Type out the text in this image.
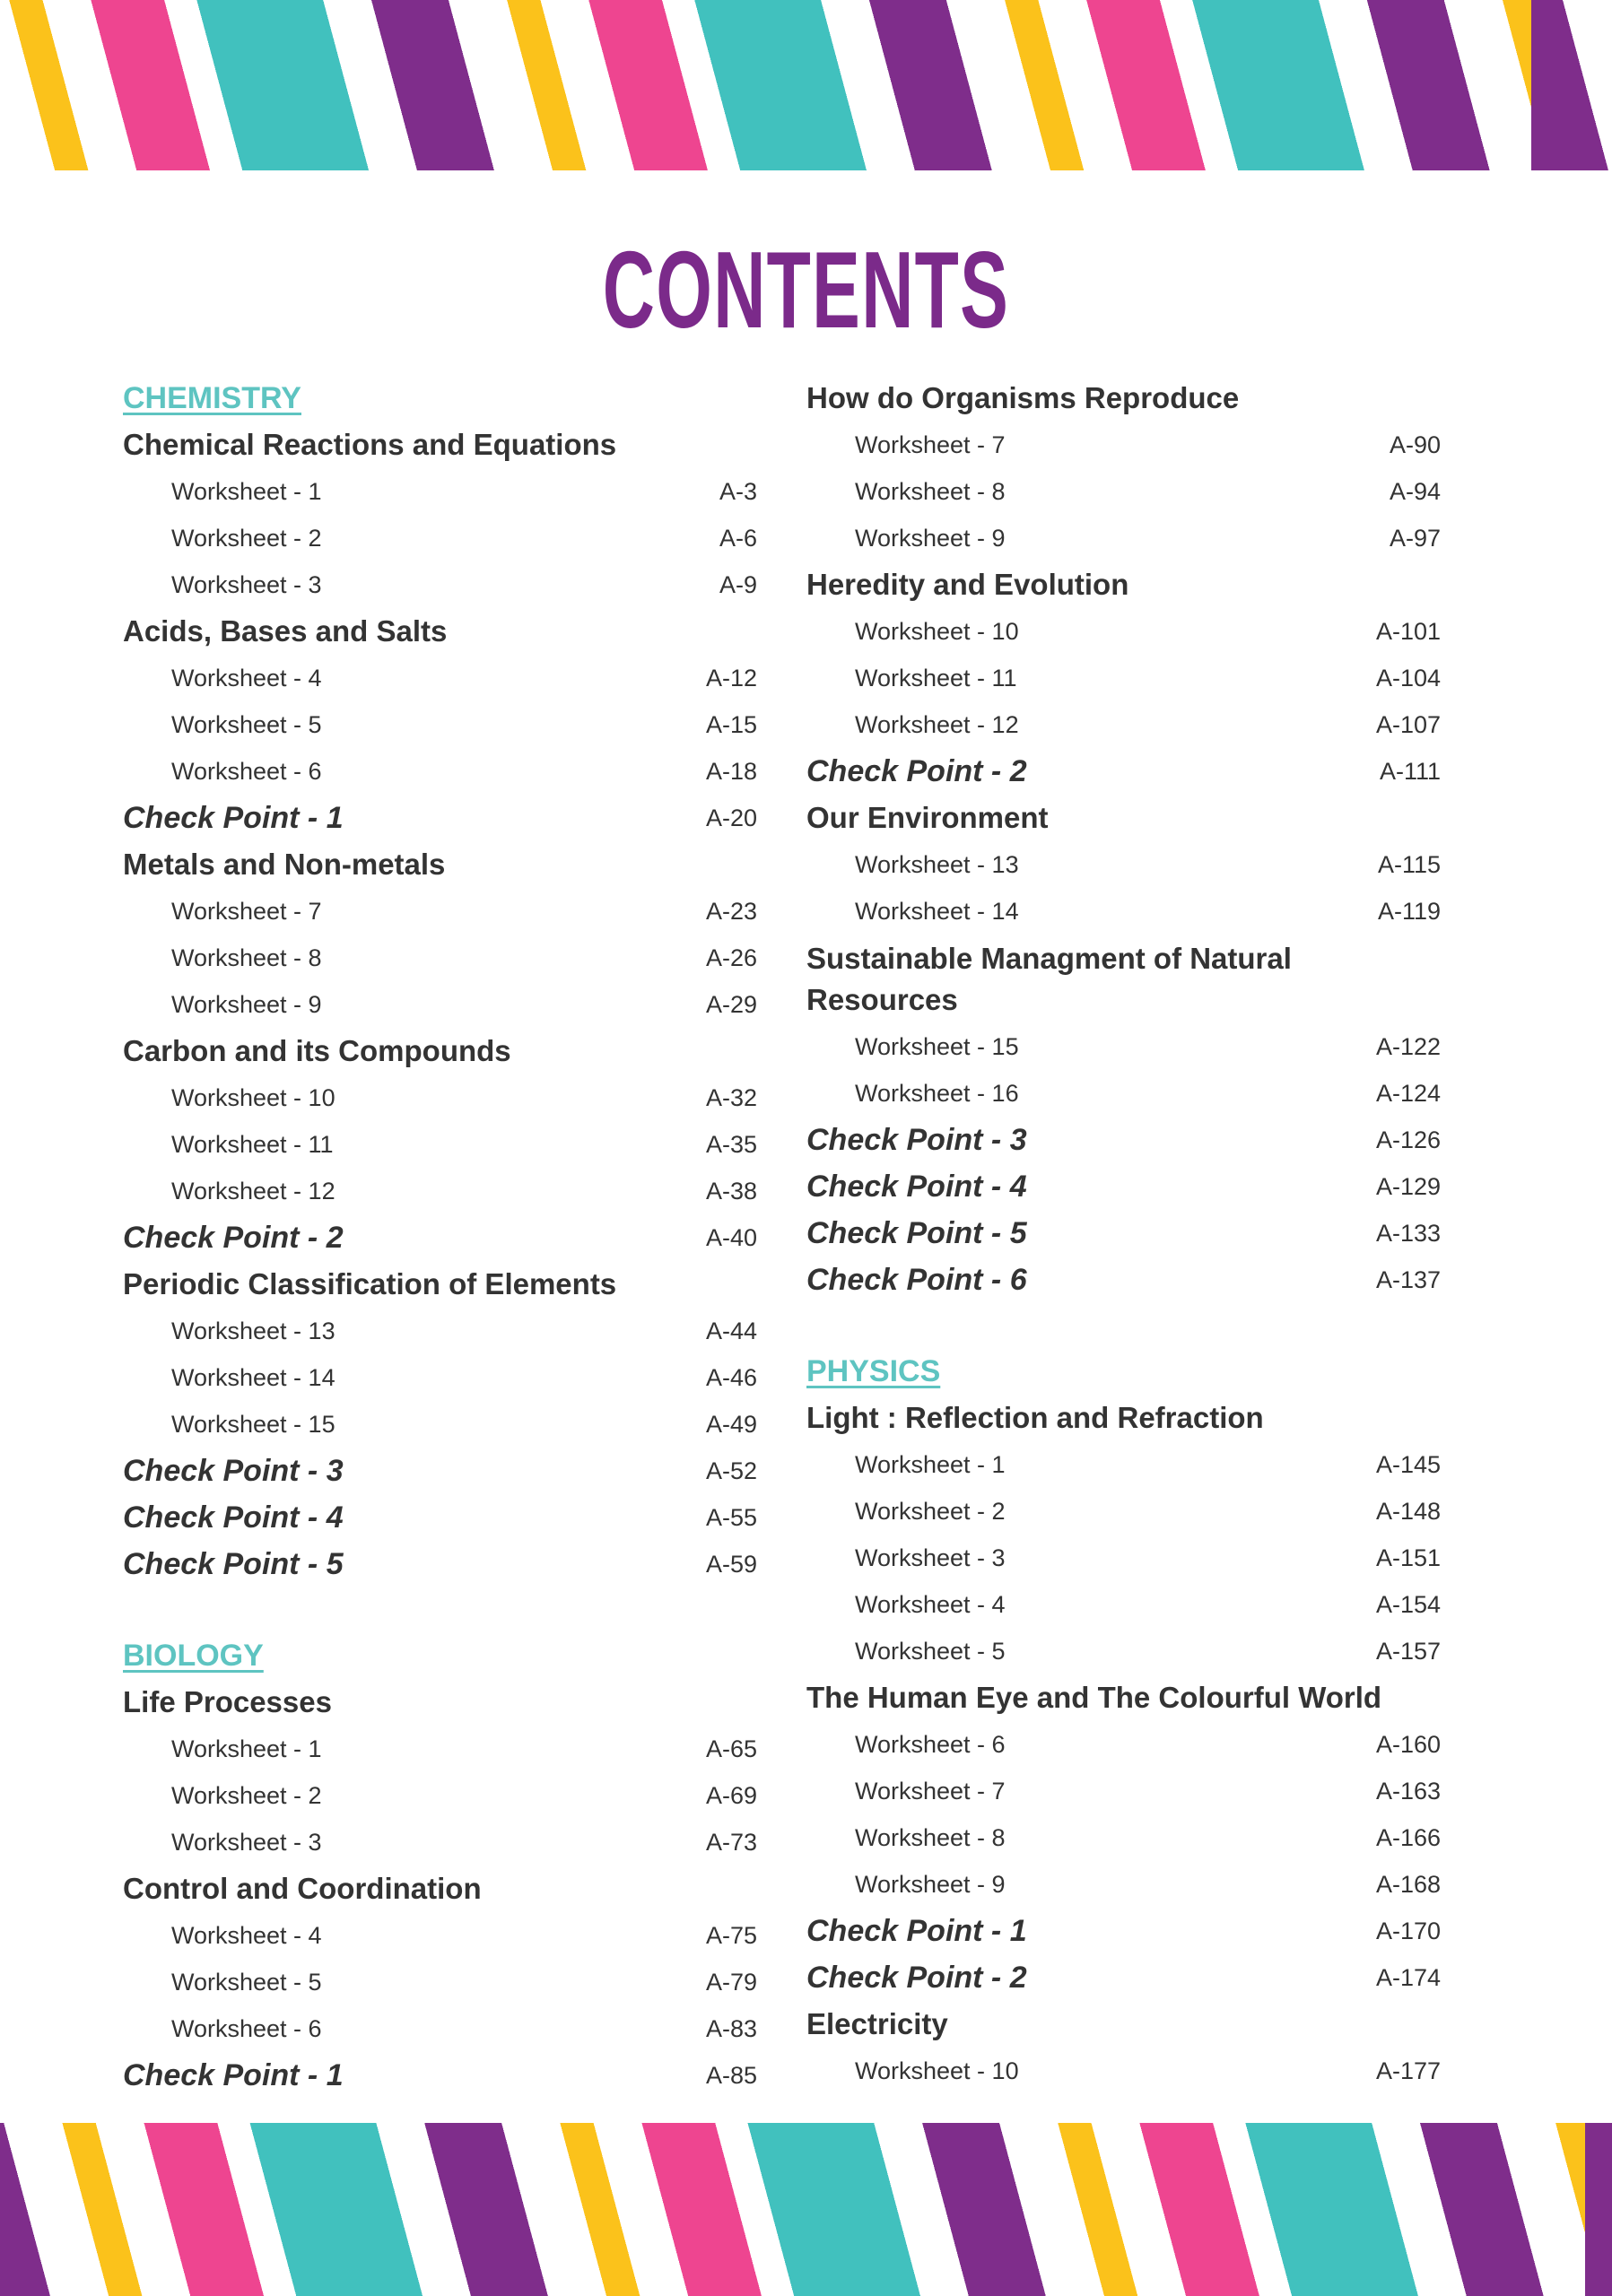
CONTENTS
CHEMISTRY
Chemical Reactions and Equations
Worksheet - 1	A-3
Worksheet - 2	A-6
Worksheet - 3	A-9
Acids, Bases and Salts
Worksheet - 4	A-12
Worksheet - 5	A-15
Worksheet - 6	A-18
Check Point - 1	A-20
Metals and Non-metals
Worksheet - 7	A-23
Worksheet - 8	A-26
Worksheet - 9	A-29
Carbon and its Compounds
Worksheet - 10	A-32
Worksheet - 11	A-35
Worksheet - 12	A-38
Check Point - 2	A-40
Periodic Classification of Elements
Worksheet - 13	A-44
Worksheet - 14	A-46
Worksheet - 15	A-49
Check Point - 3	A-52
Check Point - 4	A-55
Check Point - 5	A-59
BIOLOGY
Life Processes
Worksheet - 1	A-65
Worksheet - 2	A-69
Worksheet - 3	A-73
Control and Coordination
Worksheet - 4	A-75
Worksheet - 5	A-79
Worksheet - 6	A-83
Check Point - 1	A-85
How do Organisms Reproduce
Worksheet - 7	A-90
Worksheet - 8	A-94
Worksheet - 9	A-97
Heredity and Evolution
Worksheet - 10	A-101
Worksheet - 11	A-104
Worksheet - 12	A-107
Check Point - 2	A-111
Our Environment
Worksheet - 13	A-115
Worksheet - 14	A-119
Sustainable Managment of Natural Resources
Worksheet - 15	A-122
Worksheet - 16	A-124
Check Point - 3	A-126
Check Point - 4	A-129
Check Point - 5	A-133
Check Point - 6	A-137
PHYSICS
Light : Reflection and Refraction
Worksheet - 1	A-145
Worksheet - 2	A-148
Worksheet - 3	A-151
Worksheet - 4	A-154
Worksheet - 5	A-157
The Human Eye and The Colourful World
Worksheet - 6	A-160
Worksheet - 7	A-163
Worksheet - 8	A-166
Worksheet - 9	A-168
Check Point - 1	A-170
Check Point - 2	A-174
Electricity
Worksheet - 10	A-177
